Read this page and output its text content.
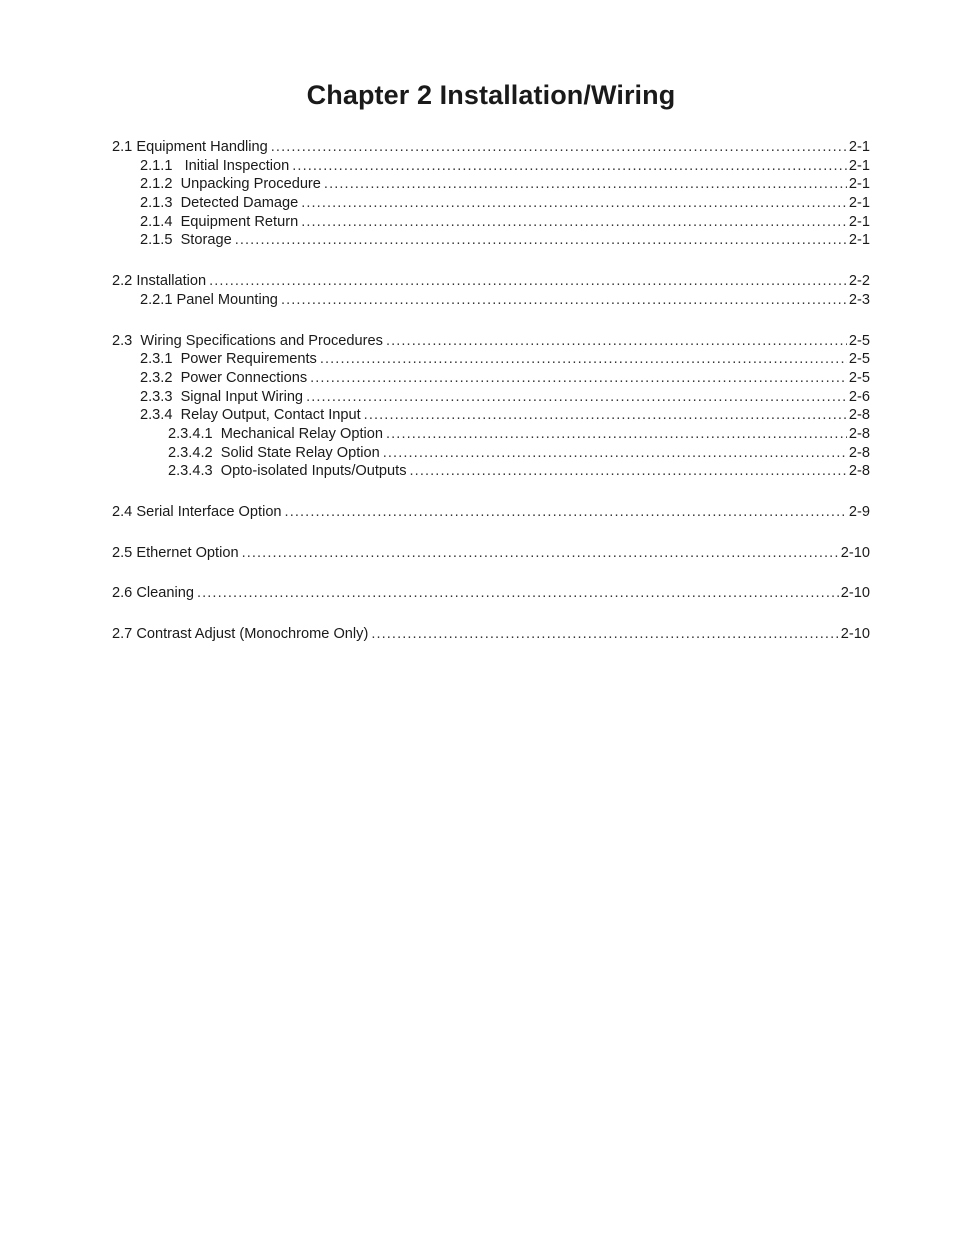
Chapter 2 Installation/Wiring
2.1 Equipment Handling .....	2-1
2.1.1   Initial Inspection .....	2-1
2.1.2  Unpacking Procedure .....	2-1
2.1.3  Detected Damage .....	2-1
2.1.4  Equipment Return .....	2-1
2.1.5  Storage .....	2-1
2.2 Installation .....	2-2
2.2.1 Panel Mounting .....	2-3
2.3  Wiring Specifications and Procedures .....	2-5
2.3.1  Power Requirements .....	2-5
2.3.2  Power Connections .....	2-5
2.3.3  Signal Input Wiring .....	2-6
2.3.4  Relay Output, Contact Input .....	2-8
2.3.4.1  Mechanical Relay Option .....	2-8
2.3.4.2  Solid State Relay Option .....	2-8
2.3.4.3  Opto-isolated Inputs/Outputs .....	2-8
2.4 Serial Interface Option .....	2-9
2.5 Ethernet Option .....	2-10
2.6 Cleaning .....	2-10
2.7 Contrast Adjust (Monochrome Only) .....	2-10
